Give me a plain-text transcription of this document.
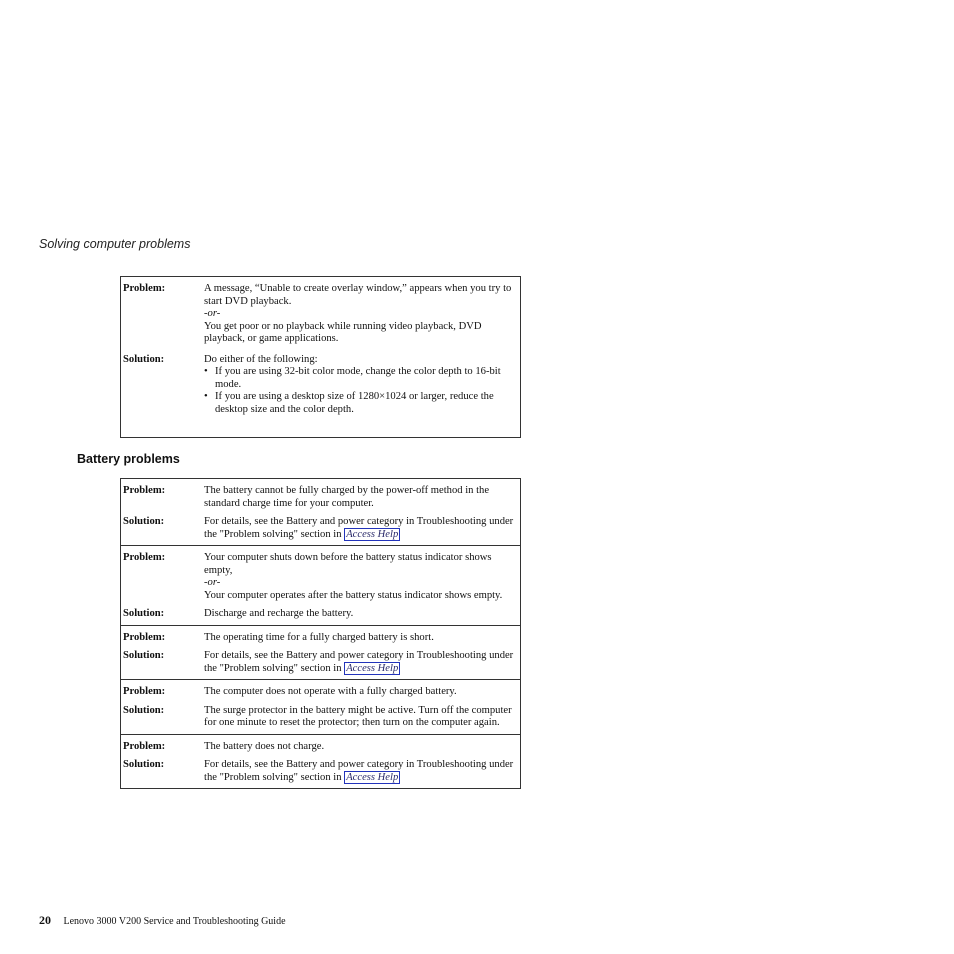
Solving computer problems
Problem:	A message, “Unable to create overlay window,” appears when you try to start DVD playback.
-or-
You get poor or no playback while running video playback, DVD playback, or game applications.
Solution:	Do either of the following:
• If you are using 32-bit color mode, change the color depth to 16-bit mode.
• If you are using a desktop size of 1280×1024 or larger, reduce the desktop size and the color depth.
Battery problems
Problem:	The battery cannot be fully charged by the power-off method in the standard charge time for your computer.
Solution:	For details, see the Battery and power category in Troubleshooting under the "Problem solving" section in Access Help
Problem:	Your computer shuts down before the battery status indicator shows empty,
-or-
Your computer operates after the battery status indicator shows empty.
Solution:	Discharge and recharge the battery.
Problem:	The operating time for a fully charged battery is short.
Solution:	For details, see the Battery and power category in Troubleshooting under the "Problem solving" section in Access Help
Problem:	The computer does not operate with a fully charged battery.
Solution:	The surge protector in the battery might be active. Turn off the computer for one minute to reset the protector; then turn on the computer again.
Problem:	The battery does not charge.
Solution:	For details, see the Battery and power category in Troubleshooting under the "Problem solving" section in Access Help
20 Lenovo 3000 V200 Service and Troubleshooting Guide
